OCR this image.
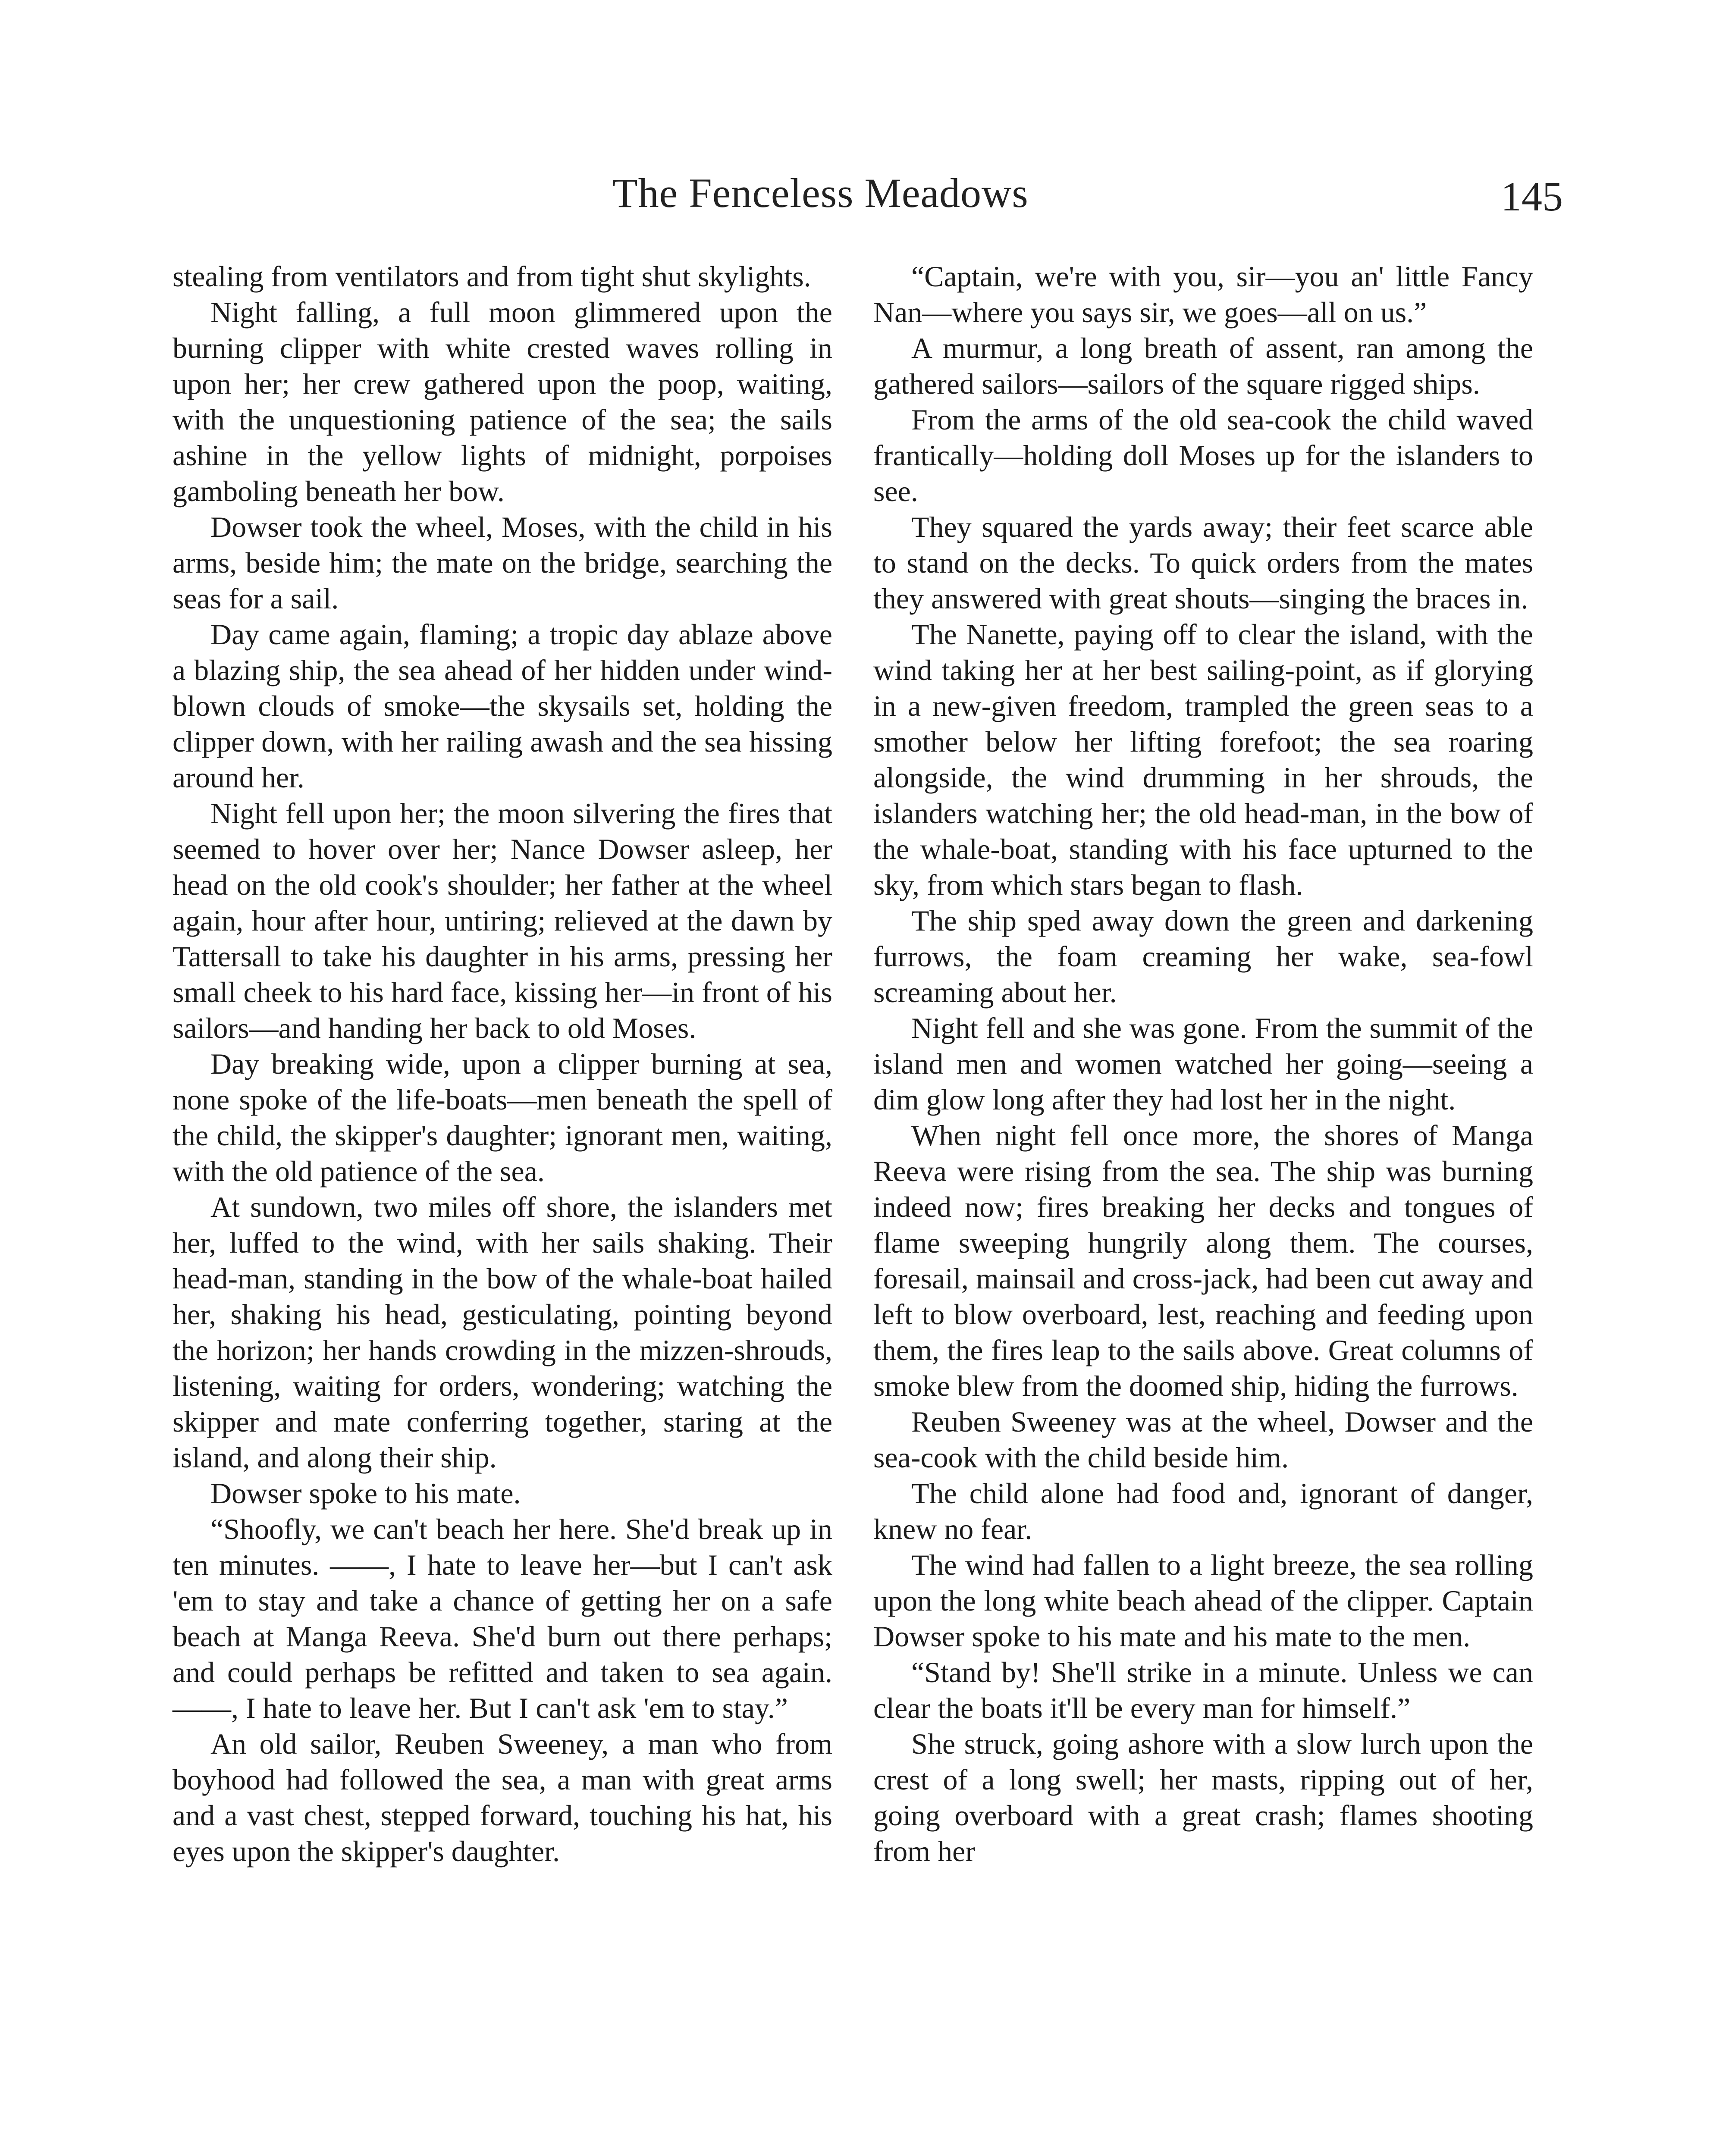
The Fenceless Meadows	145

stealing from ventilators and from tight shut skylights.

Night falling, a full moon glimmered upon the burning clipper with white crested waves rolling in upon her; her crew gathered upon the poop, waiting, with the unquestioning patience of the sea; the sails ashine in the yellow lights of midnight, porpoises gamboling beneath her bow.

Dowser took the wheel, Moses, with the child in his arms, beside him; the mate on the bridge, searching the seas for a sail.

Day came again, flaming; a tropic day ablaze above a blazing ship, the sea ahead of her hidden under wind-blown clouds of smoke—the skysails set, holding the clipper down, with her railing awash and the sea hissing around her.

Night fell upon her; the moon silvering the fires that seemed to hover over her; Nance Dowser asleep, her head on the old cook's shoulder; her father at the wheel again, hour after hour, untiring; relieved at the dawn by Tattersall to take his daughter in his arms, pressing her small cheek to his hard face, kissing her—in front of his sailors—and handing her back to old Moses.

Day breaking wide, upon a clipper burning at sea, none spoke of the life-boats—men beneath the spell of the child, the skipper's daughter; ignorant men, waiting, with the old patience of the sea.

At sundown, two miles off shore, the islanders met her, luffed to the wind, with her sails shaking. Their head-man, standing in the bow of the whale-boat hailed her, shaking his head, gesticulating, pointing beyond the horizon; her hands crowding in the mizzen-shrouds, listening, waiting for orders, wondering; watching the skipper and mate conferring together, staring at the island, and along their ship.

Dowser spoke to his mate.

“Shoofly, we can't beach her here. She'd break up in ten minutes. ——, I hate to leave her—but I can't ask 'em to stay and take a chance of getting her on a safe beach at Manga Reeva. She'd burn out there perhaps; and could perhaps be refitted and taken to sea again. ——, I hate to leave her. But I can't ask 'em to stay.”

An old sailor, Reuben Sweeney, a man who from boyhood had followed the sea, a man with great arms and a vast chest, stepped forward, touching his hat, his eyes upon the skipper's daughter.

“Captain, we're with you, sir—you an' little Fancy Nan—where you says sir, we goes—all on us.”

A murmur, a long breath of assent, ran among the gathered sailors—sailors of the square rigged ships.

From the arms of the old sea-cook the child waved frantically—holding doll Moses up for the islanders to see.

They squared the yards away; their feet scarce able to stand on the decks. To quick orders from the mates they answered with great shouts—singing the braces in.

The Nanette, paying off to clear the island, with the wind taking her at her best sailing-point, as if glorying in a new-given freedom, trampled the green seas to a smother below her lifting forefoot; the sea roaring alongside, the wind drumming in her shrouds, the islanders watching her; the old head-man, in the bow of the whale-boat, standing with his face upturned to the sky, from which stars began to flash.

The ship sped away down the green and darkening furrows, the foam creaming her wake, sea-fowl screaming about her.

Night fell and she was gone. From the summit of the island men and women watched her going—seeing a dim glow long after they had lost her in the night.

When night fell once more, the shores of Manga Reeva were rising from the sea. The ship was burning indeed now; fires breaking her decks and tongues of flame sweeping hungrily along them. The courses, foresail, mainsail and cross-jack, had been cut away and left to blow overboard, lest, reaching and feeding upon them, the fires leap to the sails above. Great columns of smoke blew from the doomed ship, hiding the furrows.

Reuben Sweeney was at the wheel, Dowser and the sea-cook with the child beside him.

The child alone had food and, ignorant of danger, knew no fear.

The wind had fallen to a light breeze, the sea rolling upon the long white beach ahead of the clipper. Captain Dowser spoke to his mate and his mate to the men.

“Stand by! She'll strike in a minute. Unless we can clear the boats it'll be every man for himself.”

She struck, going ashore with a slow lurch upon the crest of a long swell; her masts, ripping out of her, going overboard with a great crash; flames shooting from her
